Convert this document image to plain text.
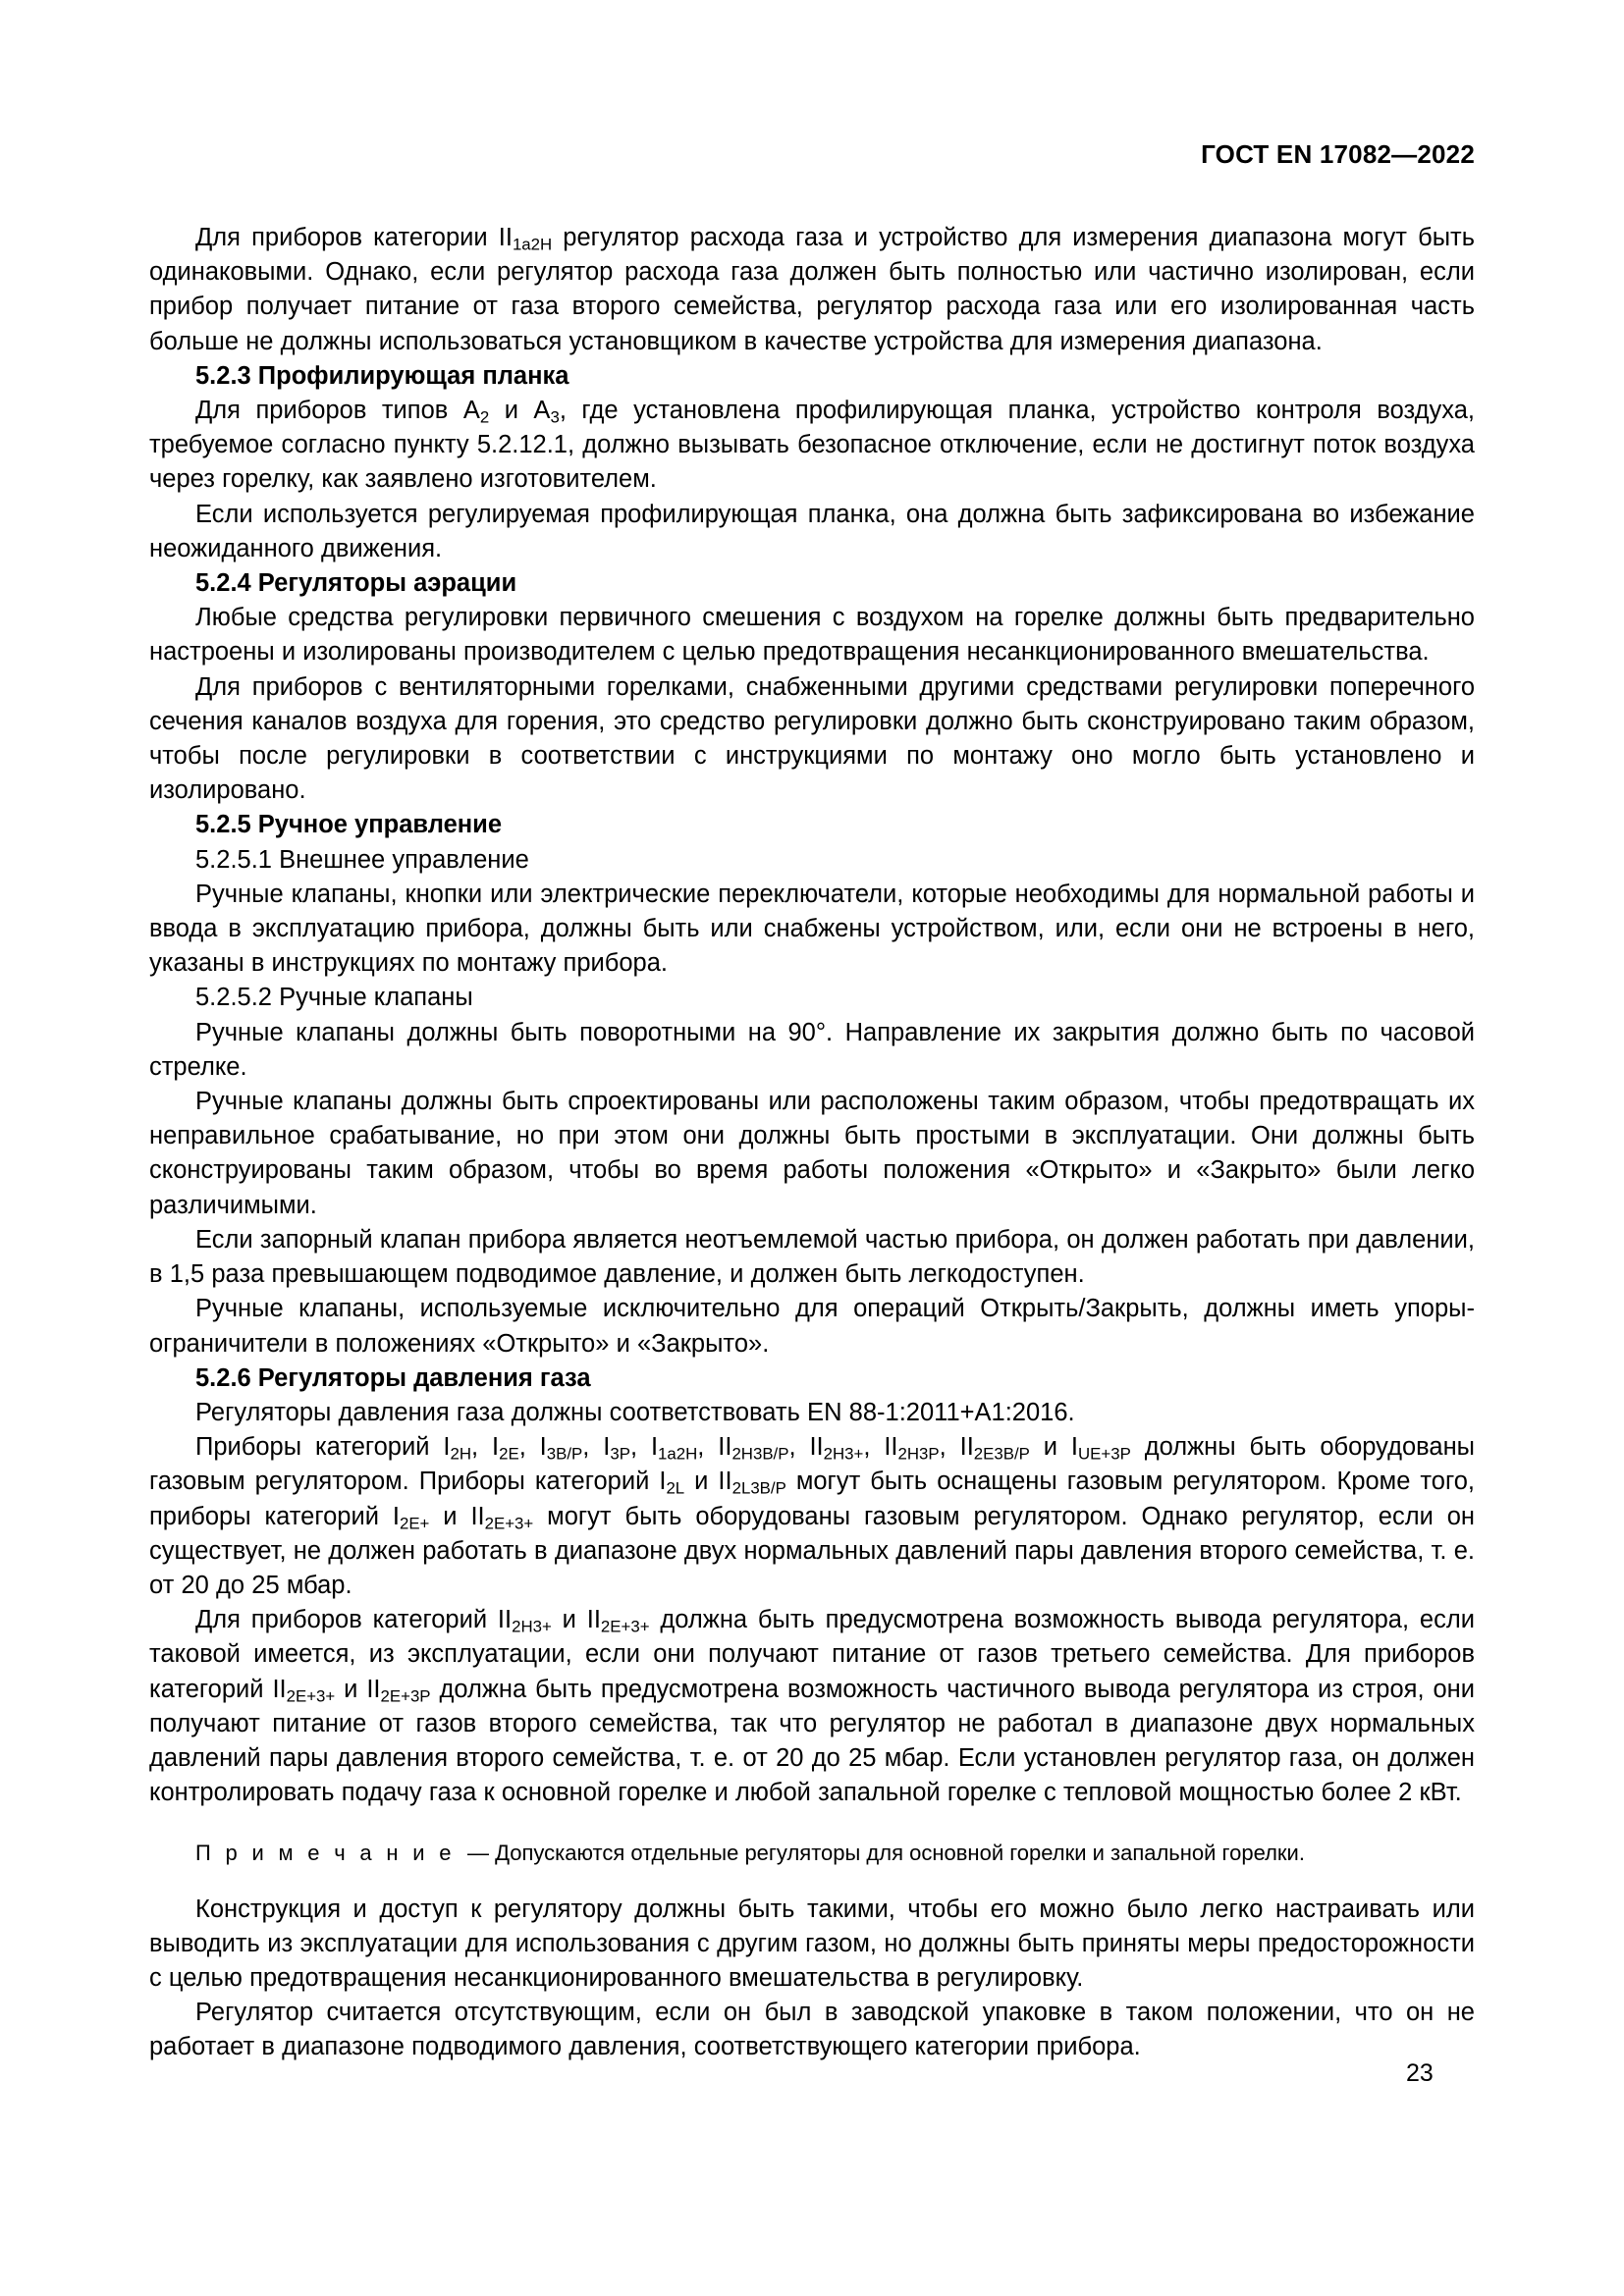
ГОСТ EN 17082—2022

Для приборов категории $II_{1a2H}$ регулятор расхода газа и устройство для измерения диапазона могут быть одинаковыми. Однако, если регулятор расхода газа должен быть полностью или частично изолирован, если прибор получает питание от газа второго семейства, регулятор расхода газа или его изолированная часть больше не должны использоваться установщиком в качестве устройства для измерения диапазона.

5.2.3 Профилирующая планка

Для приборов типов $A_2$ и $A_3$, где установлена профилирующая планка, устройство контроля воздуха, требуемое согласно пункту 5.2.12.1, должно вызывать безопасное отключение, если не достигнут поток воздуха через горелку, как заявлено изготовителем.

Если используется регулируемая профилирующая планка, она должна быть зафиксирована во избежание неожиданного движения.

5.2.4 Регуляторы аэрации

Любые средства регулировки первичного смешения с воздухом на горелке должны быть предварительно настроены и изолированы производителем с целью предотвращения несанкционированного вмешательства.

Для приборов с вентиляторными горелками, снабженными другими средствами регулировки поперечного сечения каналов воздуха для горения, это средство регулировки должно быть сконструировано таким образом, чтобы после регулировки в соответствии с инструкциями по монтажу оно могло быть установлено и изолировано.

5.2.5 Ручное управление

5.2.5.1 Внешнее управление

Ручные клапаны, кнопки или электрические переключатели, которые необходимы для нормальной работы и ввода в эксплуатацию прибора, должны быть или снабжены устройством, или, если они не встроены в него, указаны в инструкциях по монтажу прибора.

5.2.5.2 Ручные клапаны

Ручные клапаны должны быть поворотными на 90°. Направление их закрытия должно быть по часовой стрелке.

Ручные клапаны должны быть спроектированы или расположены таким образом, чтобы предотвращать их неправильное срабатывание, но при этом они должны быть простыми в эксплуатации. Они должны быть сконструированы таким образом, чтобы во время работы положения «Открыто» и «Закрыто» были легко различимыми.

Если запорный клапан прибора является неотъемлемой частью прибора, он должен работать при давлении, в 1,5 раза превышающем подводимое давление, и должен быть легкодоступен.

Ручные клапаны, используемые исключительно для операций Открыть/Закрыть, должны иметь упоры-ограничители в положениях «Открыто» и «Закрыто».

5.2.6 Регуляторы давления газа

Регуляторы давления газа должны соответствовать EN 88-1:2011+A1:2016.

Приборы категорий $I_{2H}$, $I_{2E}$, $I_{3B/P}$, $I_{3P}$, $I_{1a2H}$, $II_{2H3B/P}$, $II_{2H3+}$, $II_{2H3P}$, $II_{2E3B/P}$ и $I_{UE+3P}$ должны быть оборудованы газовым регулятором. Приборы категорий $I_{2L}$ и $II_{2L3B/P}$ могут быть оснащены газовым регулятором. Кроме того, приборы категорий $I_{2E+}$ и $II_{2E+3+}$ могут быть оборудованы газовым регулятором. Однако регулятор, если он существует, не должен работать в диапазоне двух нормальных давлений пары давления второго семейства, т. е. от 20 до 25 мбар.

Для приборов категорий $II_{2H3+}$ и $II_{2E+3+}$ должна быть предусмотрена возможность вывода регулятора, если таковой имеется, из эксплуатации, если они получают питание от газов третьего семейства. Для приборов категорий $II_{2E+3+}$ и $II_{2E+3P}$ должна быть предусмотрена возможность частичного вывода регулятора из строя, они получают питание от газов второго семейства, так что регулятор не работал в диапазоне двух нормальных давлений пары давления второго семейства, т. е. от 20 до 25 мбар. Если установлен регулятор газа, он должен контролировать подачу газа к основной горелке и любой запальной горелке с тепловой мощностью более 2 кВт.

П р и м е ч а н и е — Допускаются отдельные регуляторы для основной горелки и запальной горелки.

Конструкция и доступ к регулятору должны быть такими, чтобы его можно было легко настраивать или выводить из эксплуатации для использования с другим газом, но должны быть приняты меры предосторожности с целью предотвращения несанкционированного вмешательства в регулировку.

Регулятор считается отсутствующим, если он был в заводской упаковке в таком положении, что он не работает в диапазоне подводимого давления, соответствующего категории прибора.

23
